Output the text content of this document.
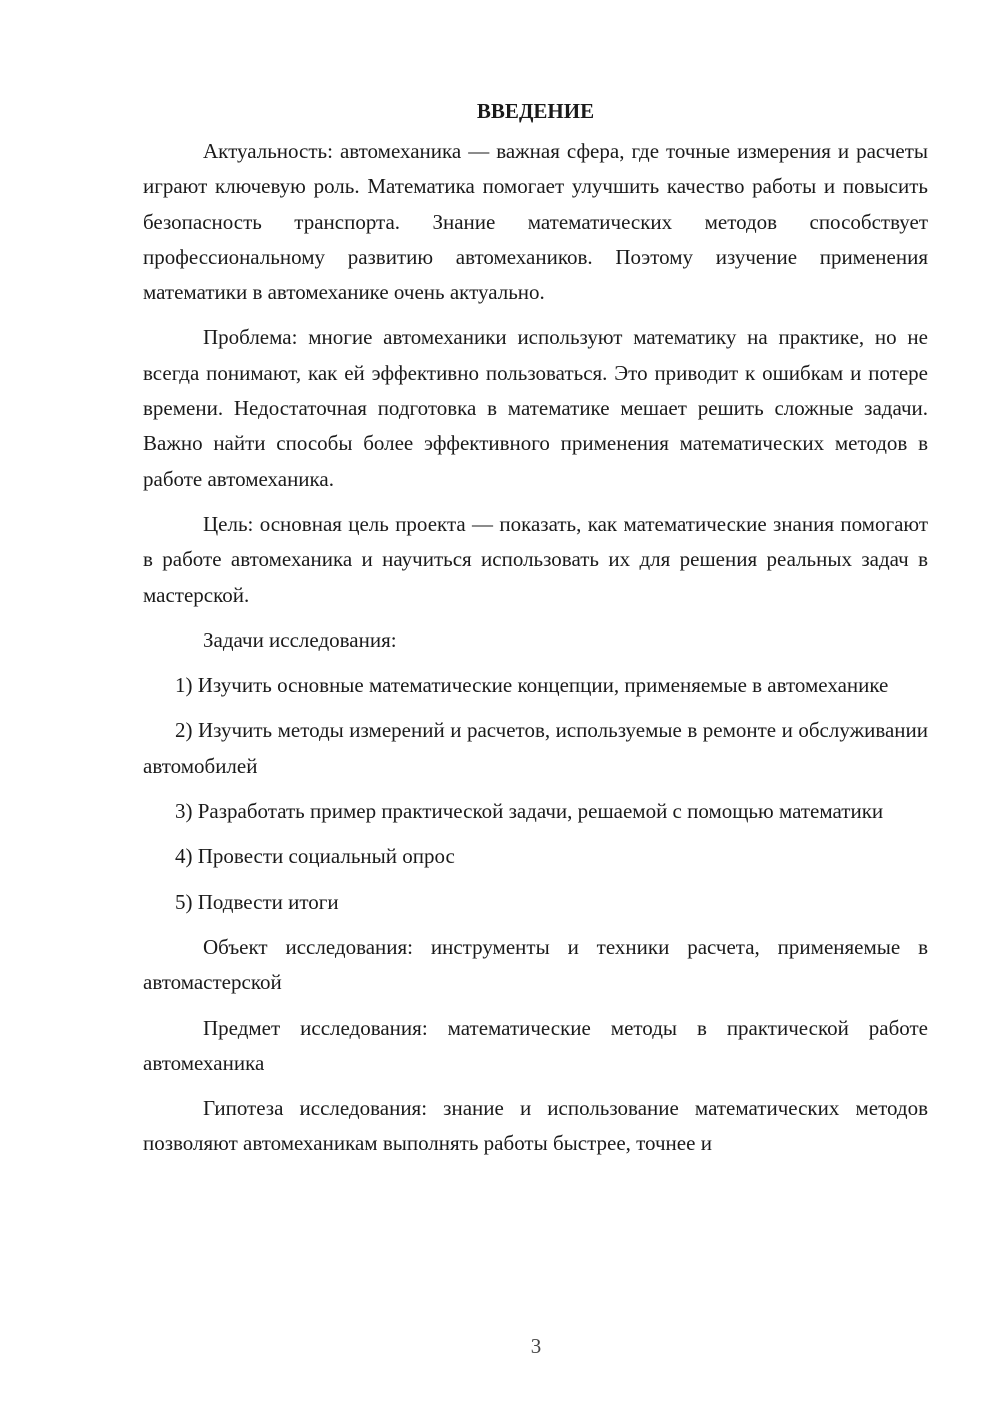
ВВЕДЕНИЕ

Актуальность: автомеханика — важная сфера, где точные измерения и расчеты играют ключевую роль. Математика помогает улучшить качество работы и повысить безопасность транспорта. Знание математических методов способствует профессиональному развитию автомехаников. Поэтому изучение применения математики в автомеханике очень актуально.

Проблема: многие автомеханики используют математику на практике, но не всегда понимают, как ей эффективно пользоваться. Это приводит к ошибкам и потере времени. Недостаточная подготовка в математике мешает решить сложные задачи. Важно найти способы более эффективного применения математических методов в работе автомеханика.

Цель: основная цель проекта — показать, как математические знания помогают в работе автомеханика и научиться использовать их для решения реальных задач в мастерской.

Задачи исследования:

1) Изучить основные математические концепции, применяемые в автомеханике

2) Изучить методы измерений и расчетов, используемые в ремонте и обслуживании автомобилей

3) Разработать пример практической задачи, решаемой с помощью математики

4) Провести социальный опрос

5) Подвести итоги

Объект исследования: инструменты и техники расчета, применяемые в автомастерской

Предмет исследования: математические методы в практической работе автомеханика

Гипотеза исследования: знание и использование математических методов позволяют автомеханикам выполнять работы быстрее, точнее и

3
